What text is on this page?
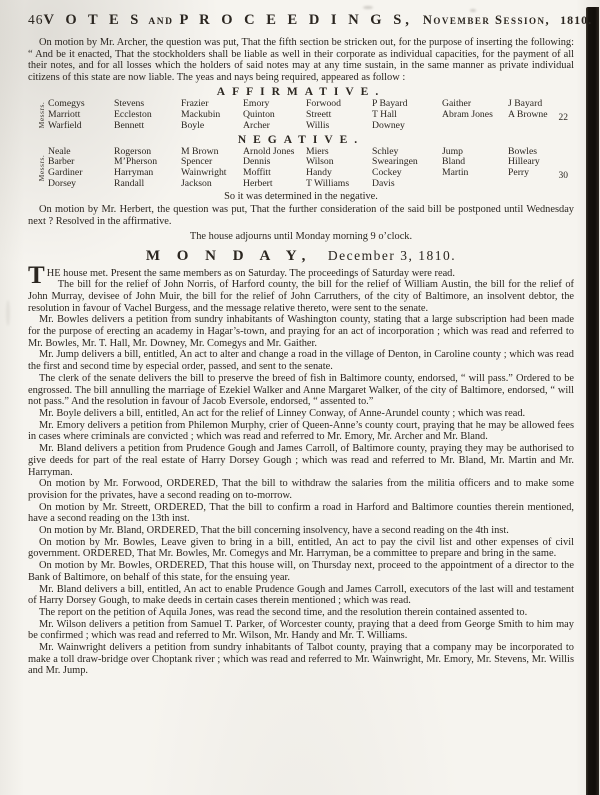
46 V O T E S AND P R O C E E D I N G S, November Session, 1810.

On motion by Mr. Archer, the question was put, That the fifth section be stricken out, for the purpose of inserting the following: “ And be it enacted, That the stockholders shall be liable as well in their corporate as individual capacities, for the payment of all their notes, and for all losses which the holders of said notes may at any time sustain, in the same manner as private individual citizens of this state are now liable. The yeas and nays being required, appeared as follow :

AFFIRMATIVE.
Messrs. Comegys
Marriott
Warfield
Stevens
Eccleston
Bennett
Frazier
Mackubin
Boyle
Emory
Quinton
Archer
Forwood
Streett
Willis
P Bayard
T Hall
Downey
Gaither
Abram Jones
J Bayard
A Browne	22
NEGATIVE.
Messrs.
Neale
Barber
Gardiner
Dorsey
Rogerson
M’Pherson
Harryman
Randall
M Brown
Spencer
Wainwright
Jackson
Arnold Jones
Dennis
Moffitt
Herbert
Miers
Wilson
Handy
T Williams
Schley
Swearingen
Cockey
Davis
Jump
Bland
Martin
Bowles
Hilleary
Perry	30
So it was determined in the negative.

On motion by Mr. Herbert, the question was put, That the further consideration of the said bill be postponed until Wednesday next ? Resolved in the affirmative.

The house adjourns until Monday morning 9 o’clock.
M O N D A Y, December 3, 1810.

THE house met. Present the same members as on Saturday. The proceedings of Saturday were read.

The bill for the relief of John Norris, of Harford county, the bill for the relief of William Austin, the bill for the relief of John Murray, devisee of John Muir, the bill for the relief of John Carruthers, of the city of Baltimore, an insolvent debtor, the resolution in favour of Vachel Burgess, and the message relative thereto, were sent to the senate.

Mr. Bowles delivers a petition from sundry inhabitants of Washington county, stating that a large subscription had been made for the purpose of erecting an academy in Hagar’s-town, and praying for an act of incorporation ; which was read and referred to Mr. Bowles, Mr. T. Hall, Mr. Downey, Mr. Comegys and Mr. Gaither.

Mr. Jump delivers a bill, entitled, An act to alter and change a road in the village of Denton, in Caroline county ; which was read the first and second time by especial order, passed, and sent to the senate.

The clerk of the senate delivers the bill to preserve the breed of fish in Baltimore county, endorsed, “ will pass.” Ordered to be engrossed. The bill annulling the marriage of Ezekiel Walker and Anne Margaret Walker, of the city of Baltimore, endorsed, “ will not pass.” And the resolution in favour of Jacob Eversole, endorsed, “ assented to.”

Mr. Boyle delivers a bill, entitled, An act for the relief of Linney Conway, of Anne-Arundel county ; which was read.

Mr. Emory delivers a petition from Philemon Murphy, crier of Queen-Anne’s county court, praying that he may be allowed fees in cases where criminals are convicted ; which was read and referred to Mr. Emory, Mr. Archer and Mr. Bland.

Mr. Bland delivers a petition from Prudence Gough and James Carroll, of Baltimore county, praying they may be authorised to give deeds for part of the real estate of Harry Dorsey Gough ; which was read and referred to Mr. Bland, Mr. Martin and Mr. Harryman.

On motion by Mr. Forwood, ORDERED, That the bill to withdraw the salaries from the militia officers and to make some provision for the privates, have a second reading on to-morrow.

On motion by Mr. Streett, ORDERED, That the bill to confirm a road in Harford and Baltimore counties therein mentioned, have a second reading on the 13th inst.

On motion by Mr. Bland, ORDERED, That the bill concerning insolvency, have a second reading on the 4th inst.

On motion by Mr. Bowles, Leave given to bring in a bill, entitled, An act to pay the civil list and other expenses of civil government. ORDERED, That Mr. Bowles, Mr. Comegys and Mr. Harryman, be a committee to prepare and bring in the same.

On motion by Mr. Bowles, ORDERED, That this house will, on Thursday next, proceed to the appointment of a director to the Bank of Baltimore, on behalf of this state, for the ensuing year.

Mr. Bland delivers a bill, entitled, An act to enable Prudence Gough and James Carroll, executors of the last will and testament of Harry Dorsey Gough, to make deeds in certain cases therein mentioned ; which was read.

The report on the petition of Aquila Jones, was read the second time, and the resolution therein contained assented to.

Mr. Wilson delivers a petition from Samuel T. Parker, of Worcester county, praying that a deed from George Smith to him may be confirmed ; which was read and referred to Mr. Wilson, Mr. Handy and Mr. T. Williams.

Mr. Wainwright delivers a petition from sundry inhabitants of Talbot county, praying that a company may be incorporated to make a toll draw-bridge over Choptank river ; which was read and referred to Mr. Wainwright, Mr. Emory, Mr. Stevens, Mr. Willis and Mr. Jump.
